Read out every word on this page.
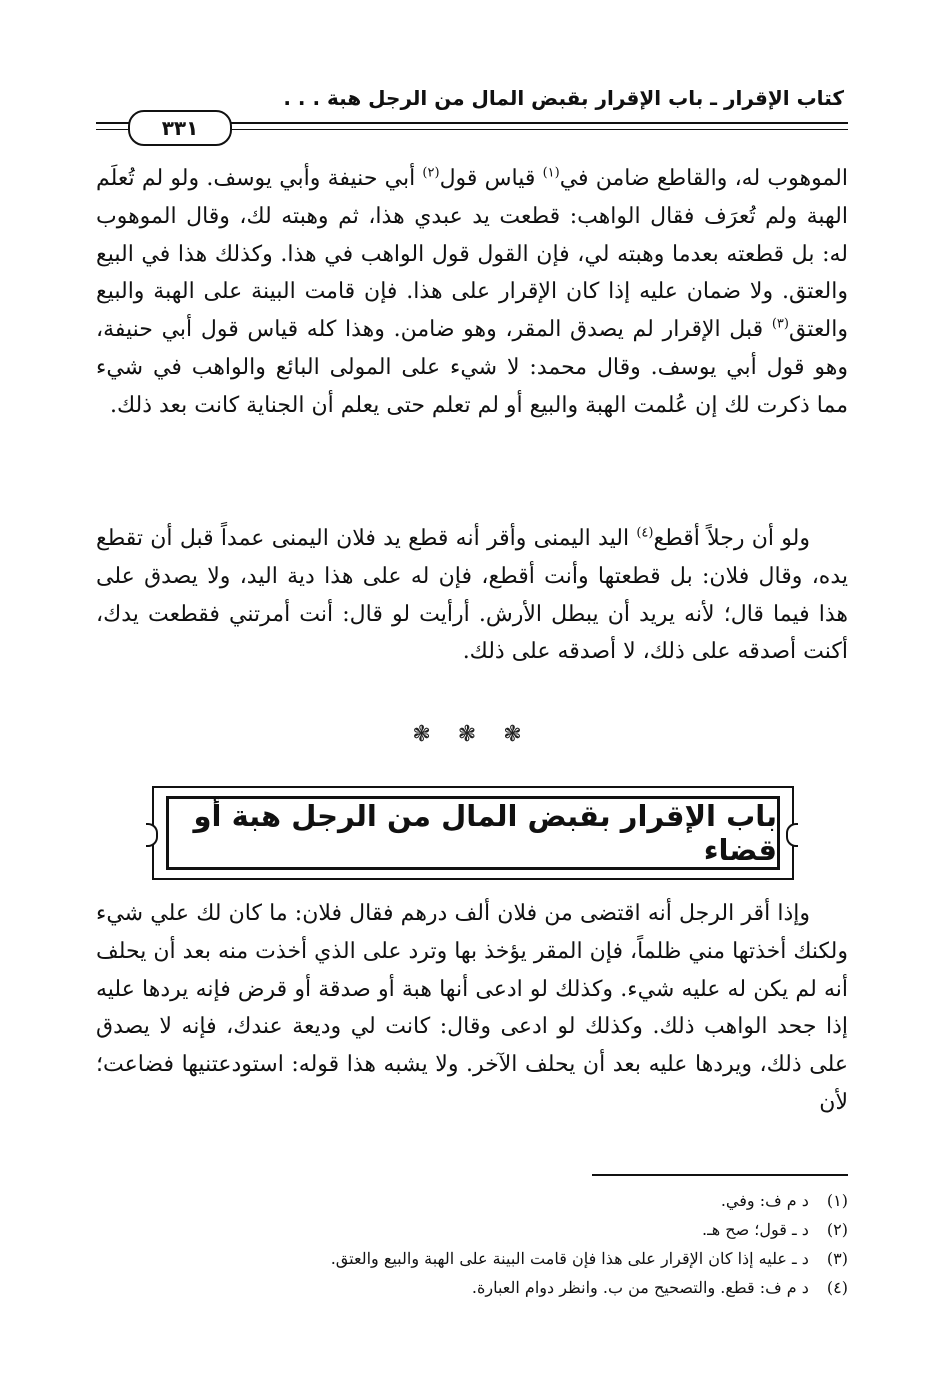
كتاب الإقرار ـ باب الإقرار بقبض المال من الرجل هبة . . .
٣٣١

الموهوب له، والقاطع ضامن في$^{(١)}$ قياس قول$^{(٢)}$ أبي حنيفة وأبي يوسف. ولو لم تُعلَم الهبة ولم تُعرَف فقال الواهب: قطعت يد عبدي هذا، ثم وهبته لك، وقال الموهوب له: بل قطعته بعدما وهبته لي، فإن القول قول الواهب في هذا. وكذلك هذا في البيع والعتق. ولا ضمان عليه إذا كان الإقرار على هذا. فإن قامت البينة على الهبة والبيع والعتق$^{(٣)}$ قبل الإقرار لم يصدق المقر، وهو ضامن. وهذا كله قياس قول أبي حنيفة، وهو قول أبي يوسف. وقال محمد: لا شيء على المولى البائع والواهب في شيء مما ذكرت لك إن عُلمت الهبة والبيع أو لم تعلم حتى يعلم أن الجناية كانت بعد ذلك.

ولو أن رجلاً أقطع$^{(٤)}$ اليد اليمنى وأقر أنه قطع يد فلان اليمنى عمداً قبل أن تقطع يده، وقال فلان: بل قطعتها وأنت أقطع، فإن له على هذا دية اليد، ولا يصدق على هذا فيما قال؛ لأنه يريد أن يبطل الأرش. أرأيت لو قال: أنت أمرتني فقطعت يدك، أكنت أصدقه على ذلك، لا أصدقه على ذلك.

❃ ❃ ❃
باب الإقرار بقبض المال من الرجل هبة أو قضاء

وإذا أقر الرجل أنه اقتضى من فلان ألف درهم فقال فلان: ما كان لك علي شيء ولكنك أخذتها مني ظلماً، فإن المقر يؤخذ بها وترد على الذي أخذت منه بعد أن يحلف أنه لم يكن له عليه شيء. وكذلك لو ادعى أنها هبة أو صدقة أو قرض فإنه يردها عليه إذا جحد الواهب ذلك. وكذلك لو ادعى وقال: كانت لي وديعة عندك، فإنه لا يصدق على ذلك، ويردها عليه بعد أن يحلف الآخر. ولا يشبه هذا قوله: استودعتنيها فضاعت؛ لأن

(١) د م ف: وفي.
(٢) د ـ قول؛ صح هـ.
(٣) د ـ عليه إذا كان الإقرار على هذا فإن قامت البينة على الهبة والبيع والعتق.
(٤) د م ف: قطع. والتصحيح من ب. وانظر دوام العبارة.
